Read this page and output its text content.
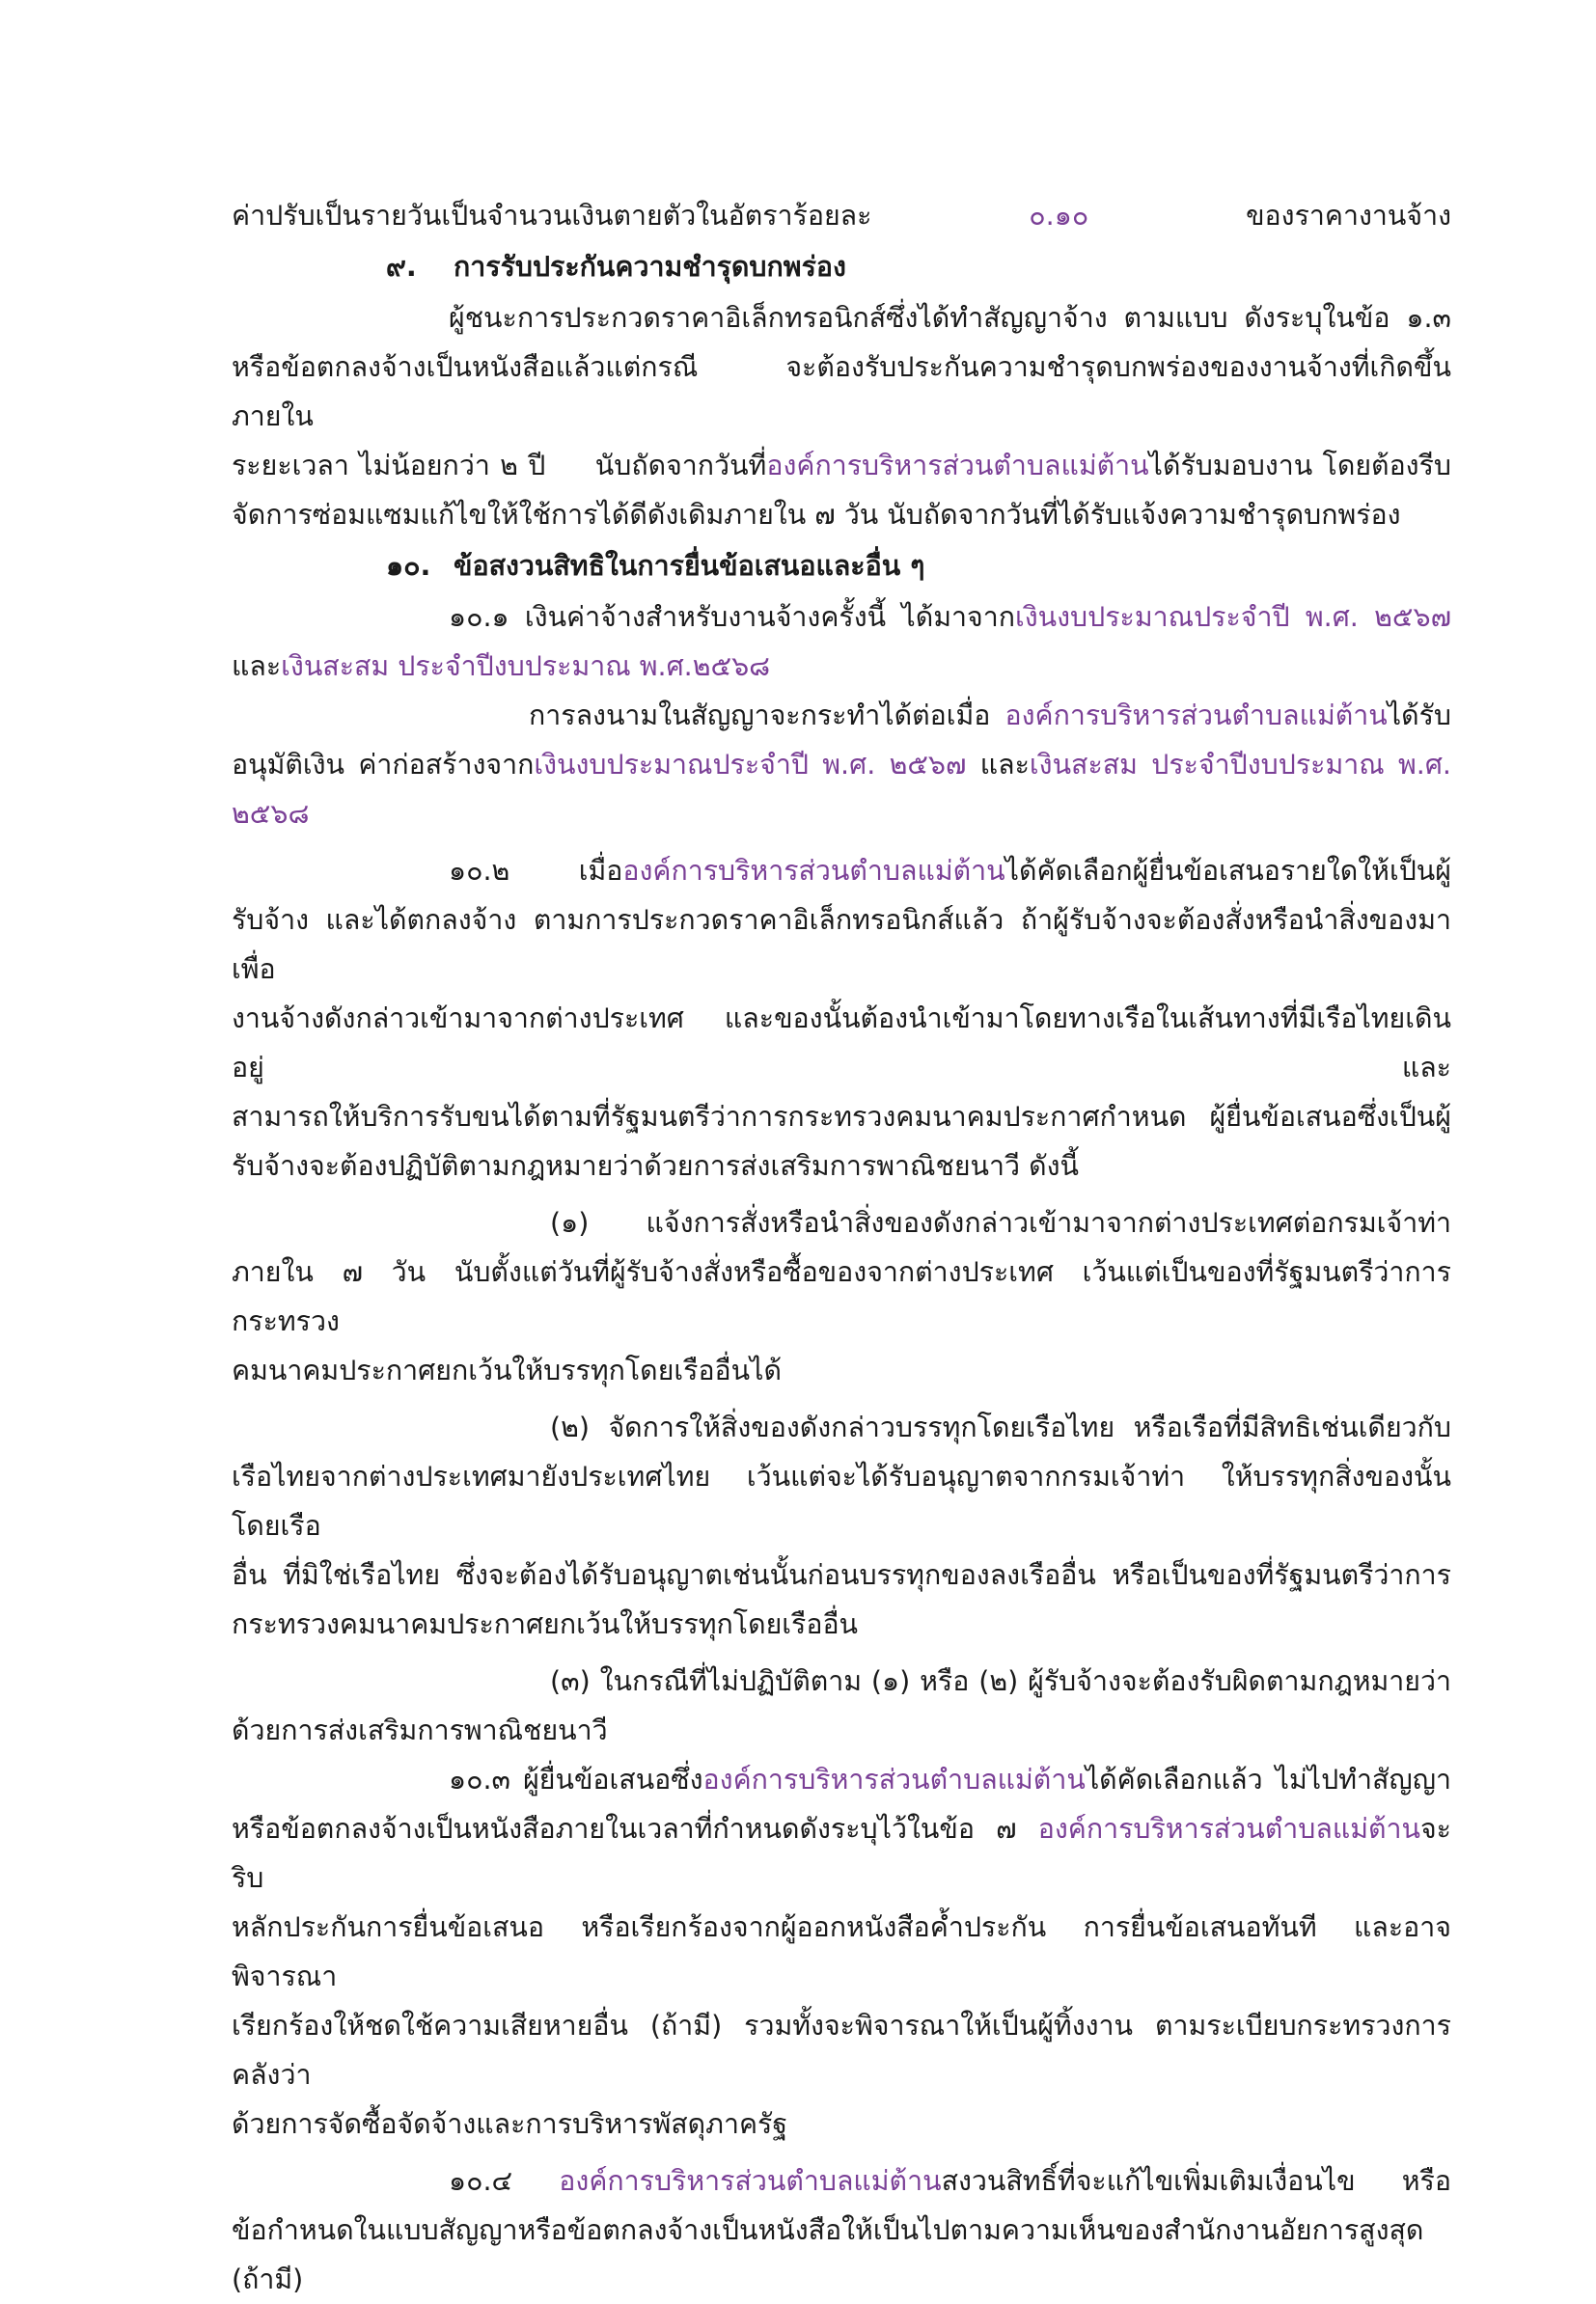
ค่าปรับเป็นรายวันเป็นจำนวนเงินตายตัวในอัตราร้อยละ ๐.๑๐ ของราคางานจ้าง

๙. การรับประกันความชำรุดบกพร่อง

ผู้ชนะการประกวดราคาอิเล็กทรอนิกส์ซึ่งได้ทำสัญญาจ้าง ตามแบบ ดังระบุในข้อ ๑.๓

หรือข้อตกลงจ้างเป็นหนังสือแล้วแต่กรณี จะต้องรับประกันความชำรุดบกพร่องของงานจ้างที่เกิดขึ้นภายใน

ระยะเวลา ไม่น้อยกว่า ๒ ปี     นับถัดจากวันที่องค์การบริหารส่วนตำบลแม่ต้านได้รับมอบงาน โดยต้องรีบ

จัดการซ่อมแซมแก้ไขให้ใช้การได้ดีดังเดิมภายใน ๗ วัน นับถัดจากวันที่ได้รับแจ้งความชำรุดบกพร่อง

๑๐. ข้อสงวนสิทธิในการยื่นข้อเสนอและอื่น ๆ

๑๐.๑ เงินค่าจ้างสำหรับงานจ้างครั้งนี้ ได้มาจากเงินงบประมาณประจำปี พ.ศ. ๒๕๖๗

และเงินสะสม ประจำปีงบประมาณ พ.ศ.๒๕๖๘

การลงนามในสัญญาจะกระทำได้ต่อเมื่อ องค์การบริหารส่วนตำบลแม่ต้านได้รับ

อนุมัติเงิน ค่าก่อสร้างจากเงินงบประมาณประจำปี พ.ศ. ๒๕๖๗ และเงินสะสม ประจำปีงบประมาณ พ.ศ.

๒๕๖๘

๑๐.๒ เมื่อองค์การบริหารส่วนตำบลแม่ต้านได้คัดเลือกผู้ยื่นข้อเสนอรายใดให้เป็นผู้

รับจ้าง และได้ตกลงจ้าง ตามการประกวดราคาอิเล็กทรอนิกส์แล้ว ถ้าผู้รับจ้างจะต้องสั่งหรือนำสิ่งของมาเพื่อ

งานจ้างดังกล่าวเข้ามาจากต่างประเทศ และของนั้นต้องนำเข้ามาโดยทางเรือในเส้นทางที่มีเรือไทยเดินอยู่ และ

สามารถให้บริการรับขนได้ตามที่รัฐมนตรีว่าการกระทรวงคมนาคมประกาศกำหนด ผู้ยื่นข้อเสนอซึ่งเป็นผู้

รับจ้างจะต้องปฏิบัติตามกฎหมายว่าด้วยการส่งเสริมการพาณิชยนาวี ดังนี้

(๑) แจ้งการสั่งหรือนำสิ่งของดังกล่าวเข้ามาจากต่างประเทศต่อกรมเจ้าท่า

ภายใน ๗ วัน นับตั้งแต่วันที่ผู้รับจ้างสั่งหรือซื้อของจากต่างประเทศ เว้นแต่เป็นของที่รัฐมนตรีว่าการกระทรวง

คมนาคมประกาศยกเว้นให้บรรทุกโดยเรืออื่นได้

(๒) จัดการให้สิ่งของดังกล่าวบรรทุกโดยเรือไทย หรือเรือที่มีสิทธิเช่นเดียวกับ

เรือไทยจากต่างประเทศมายังประเทศไทย เว้นแต่จะได้รับอนุญาตจากกรมเจ้าท่า ให้บรรทุกสิ่งของนั้น โดยเรือ

อื่น ที่มิใช่เรือไทย ซึ่งจะต้องได้รับอนุญาตเช่นนั้นก่อนบรรทุกของลงเรืออื่น หรือเป็นของที่รัฐมนตรีว่าการ

กระทรวงคมนาคมประกาศยกเว้นให้บรรทุกโดยเรืออื่น

(๓) ในกรณีที่ไม่ปฏิบัติตาม (๑) หรือ (๒) ผู้รับจ้างจะต้องรับผิดตามกฎหมายว่า

ด้วยการส่งเสริมการพาณิชยนาวี

๑๐.๓ ผู้ยื่นข้อเสนอซึ่งองค์การบริหารส่วนตำบลแม่ต้านได้คัดเลือกแล้ว ไม่ไปทำสัญญา

หรือข้อตกลงจ้างเป็นหนังสือภายในเวลาที่กำหนดดังระบุไว้ในข้อ ๗ องค์การบริหารส่วนตำบลแม่ต้านจะริบ

หลักประกันการยื่นข้อเสนอ หรือเรียกร้องจากผู้ออกหนังสือค้ำประกัน การยื่นข้อเสนอทันที และอาจพิจารณา

เรียกร้องให้ชดใช้ความเสียหายอื่น (ถ้ามี) รวมทั้งจะพิจารณาให้เป็นผู้ทิ้งงาน ตามระเบียบกระทรวงการคลังว่า

ด้วยการจัดซื้อจัดจ้างและการบริหารพัสดุภาครัฐ

๑๐.๔ องค์การบริหารส่วนตำบลแม่ต้านสงวนสิทธิ์ที่จะแก้ไขเพิ่มเติมเงื่อนไข หรือ

ข้อกำหนดในแบบสัญญาหรือข้อตกลงจ้างเป็นหนังสือให้เป็นไปตามความเห็นของสำนักงานอัยการสูงสุด (ถ้ามี)
